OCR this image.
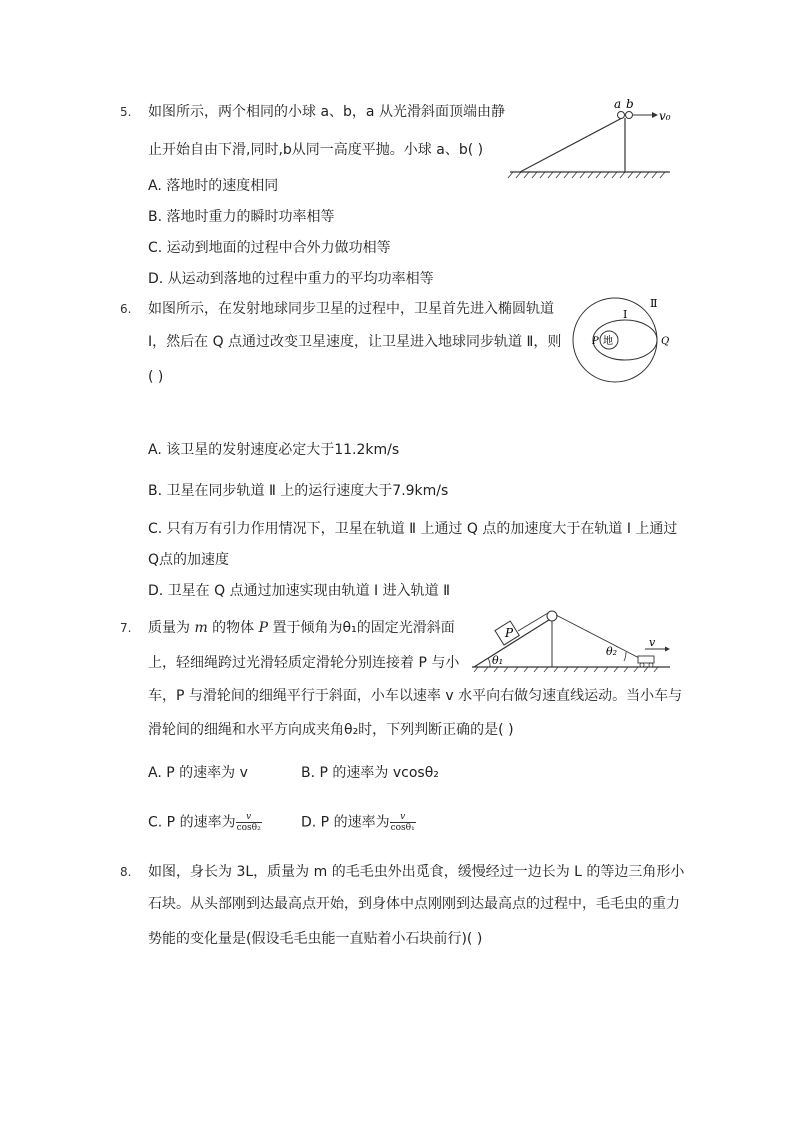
5. 如图所示，两个相同的小球 a、b，a 从光滑斜面顶端由静
止开始自由下滑,同时,b从同一高度平抛。小球 a、b( )
A. 落地时的速度相同
B. 落地时重力的瞬时功率相等
C. 运动到地面的过程中合外力做功相等
D. 从运动到落地的过程中重力的平均功率相等
a b
v₀
6. 如图所示，在发射地球同步卫星的过程中，卫星首先进入椭圆轨道
I，然后在 Q 点通过改变卫星速度，让卫星进入地球同步轨道 Ⅱ，则
( )
A. 该卫星的发射速度必定大于11.2km/s
B. 卫星在同步轨道 Ⅱ 上的运行速度大于7.9km/s
C. 只有万有引力作用情况下，卫星在轨道 Ⅱ 上通过 Q 点的加速度大于在轨道 I 上通过
Q点的加速度
D. 卫星在 Q 点通过加速实现由轨道 I 进入轨道 Ⅱ
Ⅱ
I
P 地	Q
7. 质量为 m 的物体 P 置于倾角为θ₁的固定光滑斜面
上，轻细绳跨过光滑轻质定滑轮分别连接着 P 与小
车，P 与滑轮间的细绳平行于斜面，小车以速率 v 水平向右做匀速直线运动。当小车与
滑轮间的细绳和水平方向成夹角θ₂时，下列判断正确的是( )
A. P 的速率为 v	B. P 的速率为 vcosθ₂
C. P 的速率为 $\frac{v}{\text{cosθ₂}}$	D. P 的速率为 $\frac{v}{\text{cosθ₁}}$
P
θ₁
θ₂
v
8. 如图，身长为 3L，质量为 m 的毛毛虫外出觅食，缓慢经过一边长为 L 的等边三角形小
石块。从头部刚到达最高点开始，到身体中点刚刚到达最高点的过程中，毛毛虫的重力
势能的变化量是(假设毛毛虫能一直贴着小石块前行)( )
